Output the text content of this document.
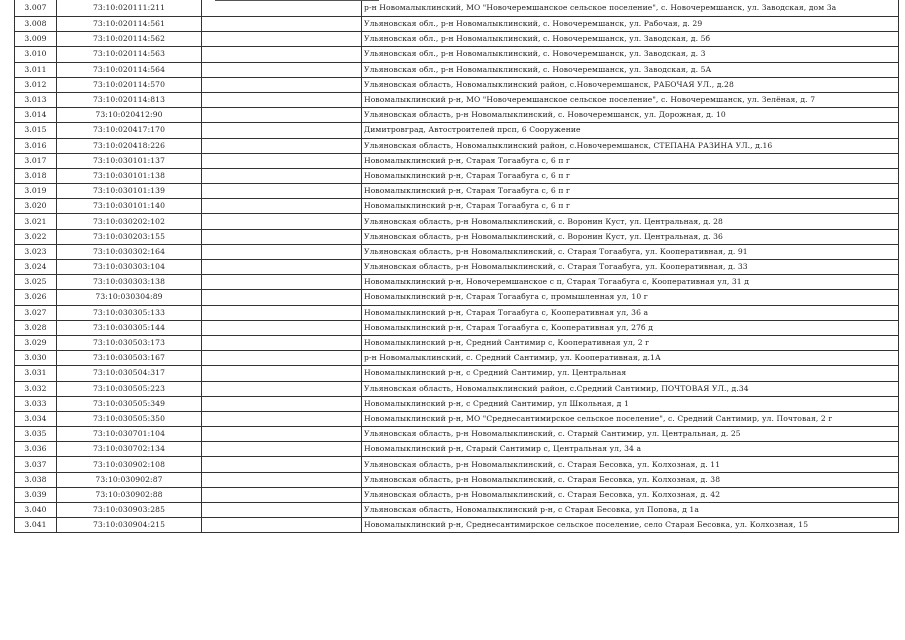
3.007	73:10:020111:211		р-н Новомалыклинский, МО "Новочеремшанское сельское поселение", с. Новочеремшанск, ул. Заводская, дом 3а
3.008	73:10:020114:561		Ульяновская обл., р-н Новомалыклинский, с. Новочеремшанск, ул. Рабочая, д. 29
3.009	73:10:020114:562		Ульяновская обл., р-н Новомалыклинский, с. Новочеремшанск, ул. Заводская, д. 5б
3.010	73:10:020114:563		Ульяновская обл., р-н Новомалыклинский, с. Новочеремшанск, ул. Заводская, д. 3
3.011	73:10:020114:564		Ульяновская обл., р-н Новомалыклинский, с. Новочеремшанск, ул. Заводская, д. 5А
3.012	73:10:020114:570		Ульяновская область, Новомалыклинский район, с.Новочеремшанск, РАБОЧАЯ УЛ., д.28
3.013	73:10:020114:813		Новомалыклинский р-н, МО "Новочеремшанское сельское поселение", с. Новочеремшанск, ул. Зелёная, д. 7
3.014	73:10:020412:90		Ульяновская область, р-н Новомалыклинский, с. Новочеремшанск, ул. Дорожная, д. 10
3.015	73:10:020417:170		Димитровград, Автостроителей прсп, 6 Сооружение
3.016	73:10:020418:226		Ульяновская область, Новомалыклинский район, с.Новочеремшанск, СТЕПАНА РАЗИНА УЛ., д.16
3.017	73:10:030101:137		Новомалыклинский р-н, Старая Тогаабуга с, 6 п г
3.018	73:10:030101:138		Новомалыклинский р-н, Старая Тогаабуга с, 6 п г
3.019	73:10:030101:139		Новомалыклинский р-н, Старая Тогаабуга с, 6 п г
3.020	73:10:030101:140		Новомалыклинский р-н, Старая Тогаабуга с, 6 п г
3.021	73:10:030202:102		Ульяновская область, р-н Новомалыклинский, с. Воронин Куст, ул. Центральная, д. 28
3.022	73:10:030203:155		Ульяновская область, р-н Новомалыклинский, с. Воронин Куст, ул. Центральная, д. 36
3.023	73:10:030302:164		Ульяновская область, р-н Новомалыклинский, с. Старая Тогаабуга, ул. Кооперативная, д. 91
3.024	73:10:030303:104		Ульяновская область, р-н Новомалыклинский, с. Старая Тогаабуга, ул. Кооперативная, д. 33
3.025	73:10:030303:138		Новомалыклинский р-н, Новочеремшанское с п, Старая Тогаабуга с, Кооперативная ул, 31 д
3.026	73:10:030304:89		Новомалыклинский р-н, Старая Тогаабуга с, промышленная ул, 10 г
3.027	73:10:030305:133		Новомалыклинский р-н, Старая Тогаабуга с, Кооперативная ул, 36 а
3.028	73:10:030305:144		Новомалыклинский р-н, Старая Тогаабуга с, Кооперативная ул, 27б д
3.029	73:10:030503:173		Новомалыклинский р-н, Средний Сантимир с, Кооперативная ул, 2 г
3.030	73:10:030503:167		р-н Новомалыклинский, с. Средний Сантимир, ул. Кооперативная, д.1А
3.031	73:10:030504:317		Новомалыклинский р-н, с Средний Сантимир, ул. Центральная
3.032	73:10:030505:223		Ульяновская область, Новомалыклинский район, с.Средний Сантимир, ПОЧТОВАЯ УЛ., д.34
3.033	73:10:030505:349		Новомалыклинский р-н, с Средний Сантимир, ул Школьная, д 1
3.034	73:10:030505:350		Новомалыклинский р-н, МО "Среднесантимирское сельское поселение", с. Средний Сантимир, ул. Почтовая, 2 г
3.035	73:10:030701:104		Ульяновская область, р-н Новомалыклинский, с. Старый Сантимир, ул. Центральная, д. 25
3.036	73:10:030702:134		Новомалыклинский р-н, Старый Сантимир с, Центральная ул, 34 а
3.037	73:10:030902:108		Ульяновская область, р-н Новомалыклинский, с. Старая Бесовка, ул. Колхозная, д. 11
3.038	73:10:030902:87		Ульяновская область, р-н Новомалыклинский, с. Старая Бесовка, ул. Колхозная, д. 38
3.039	73:10:030902:88		Ульяновская область, р-н Новомалыклинский, с. Старая Бесовка, ул. Колхозная, д. 42
3.040	73:10:030903:285		Ульяновская область, Новомалыклинский р-н, с Старая Бесовка, ул Попова, д 1а
3.041	73:10:030904:215		Новомалыклинский р-н, Среднесантимирское сельское поселение, село Старая Бесовка, ул. Колхозная, 15
